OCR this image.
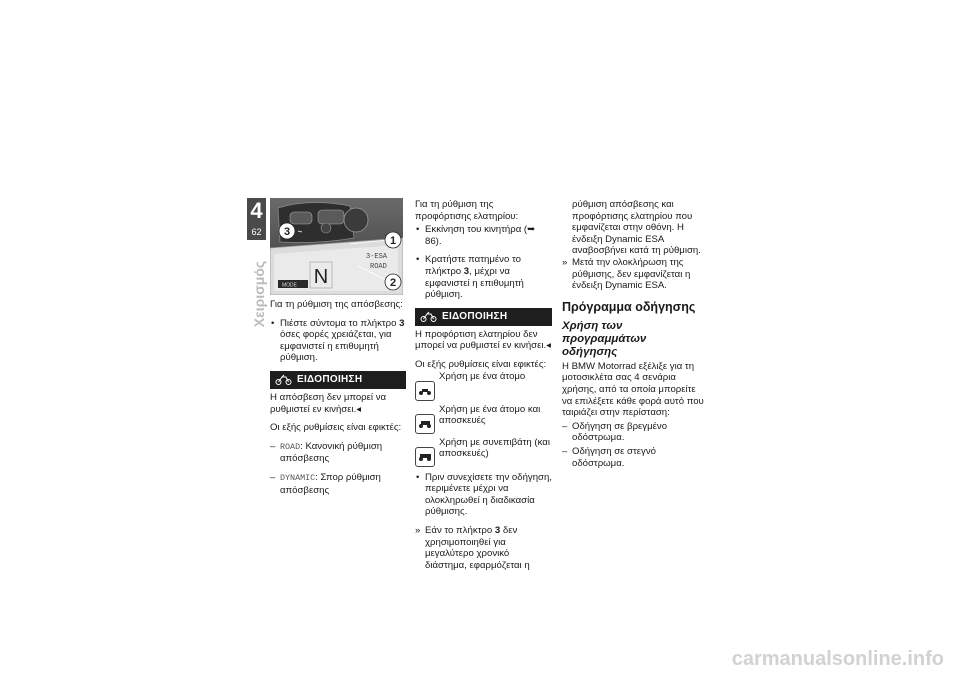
4
62
Χειρισμός N
3-ESA
ROAD
MODE
3
1
2

Για τη ρύθμιση της απόσβεσης:

• Πιέστε σύντομα το πλήκτρο 3 όσες φορές χρειάζεται, για εμφανιστεί η επιθυμητή ρύθμιση.

ΕΙΔΟΠΟΙΗΣΗ

Η απόσβεση δεν μπορεί να ρυθμιστεί εν κινήσει.◂

Οι εξής ρυθμίσεις είναι εφικτές:

– ROAD: Κανονική ρύθμιση απόσβεσης

– DYNAMIC: Σπορ ρύθμιση απόσβεσης

Για τη ρύθμιση της προφόρτισης ελατηρίου:

• Εκκίνηση του κινητήρα (➥ 86).

• Κρατήστε πατημένο το πλήκτρο 3, μέχρι να εμφανιστεί η επιθυμητή ρύθμιση.

ΕΙΔΟΠΟΙΗΣΗ

Η προφόρτιση ελατηρίου δεν μπορεί να ρυθμιστεί εν κινήσει.◂

Οι εξής ρυθμίσεις είναι εφικτές:

Χρήση με ένα άτομο
Χρήση με ένα άτομο και αποσκευές
Χρήση με συνεπιβάτη (και αποσκευές)

• Πριν συνεχίσετε την οδήγηση, περιμένετε μέχρι να ολοκληρωθεί η διαδικασία ρύθμισης.

» Εάν το πλήκτρο 3 δεν χρησιμοποιηθεί για μεγαλύτερο χρονικό διάστημα, εφαρμόζεται η

ρύθμιση απόσβεσης και προφόρτισης ελατηρίου που εμφανίζεται στην οθόνη. Η ένδειξη Dynamic ESA αναβοσβήνει κατά τη ρύθμιση.

» Μετά την ολοκλήρωση της ρύθμισης, δεν εμφανίζεται η ένδειξη Dynamic ESA.

Πρόγραμμα οδήγησης
Χρήση των προγραμμάτων οδήγησης

Η BMW Motorrad εξέλιξε για τη μοτοσικλέτα σας 4 σενάρια χρήσης, από τα οποία μπορείτε να επιλέξετε κάθε φορά αυτό που ταιριάζει στην περίσταση:

– Οδήγηση σε βρεγμένο οδόστρωμα.

– Οδήγηση σε στεγνό οδόστρωμα.

carmanualsonline.info
